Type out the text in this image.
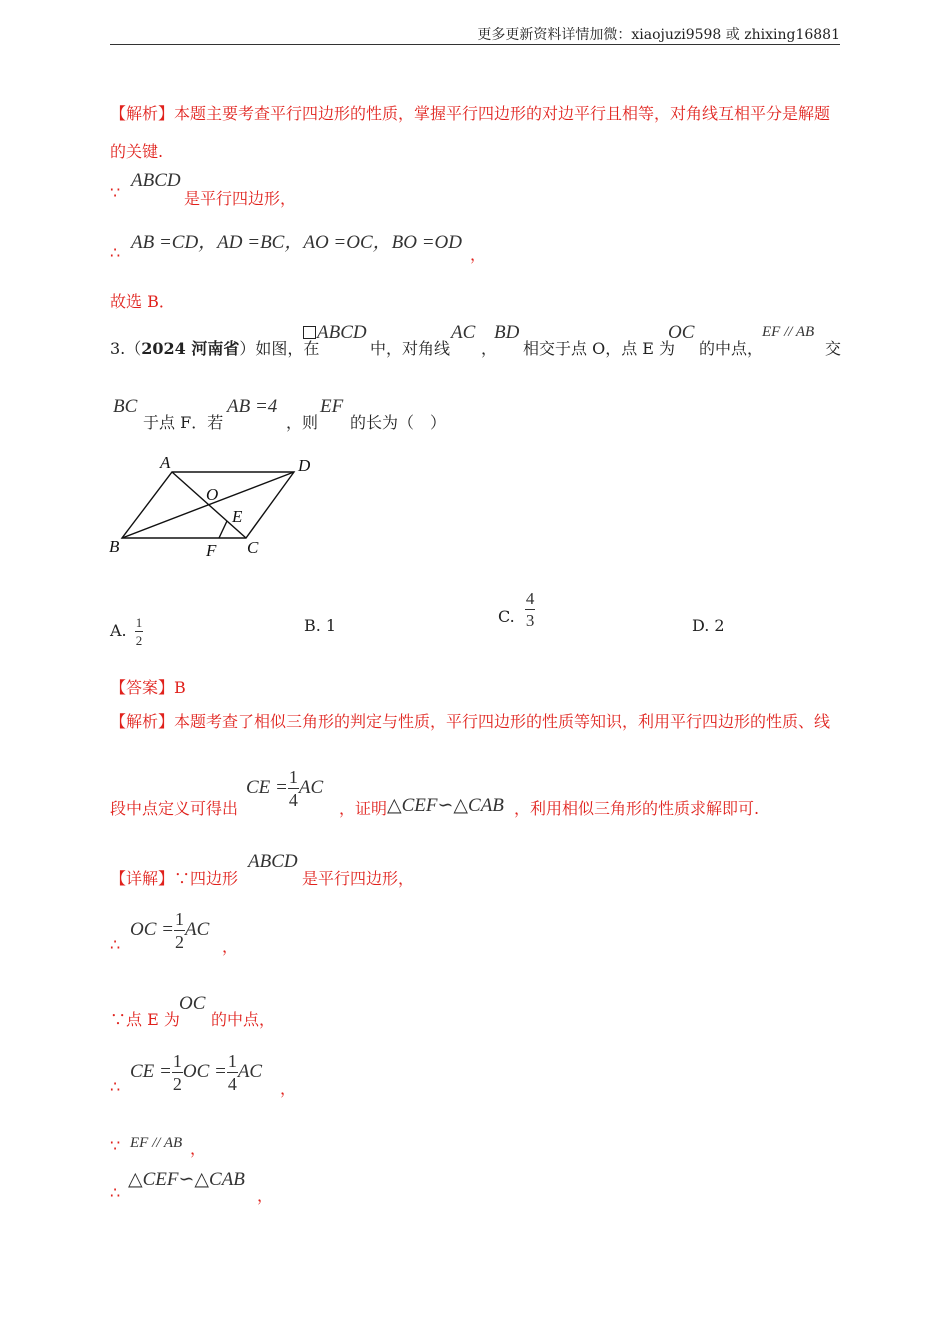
更多更新资料详情加微：xiaojuzi9598 或 zhixing16881
【解析】本题主要考查平行四边形的性质，掌握平行四边形的对边平行且相等，对角线互相平分是解题
的关键.
∵
ABCD
是平行四边形，
∴ AB =CD，AD =BC，AO =OC，BO =OD
，
故选 B．
3.（2024 河南省）如图，在
ABCD
中，对角线
AC
，
BD
相交于点 O，点 E 为
OC
的中点，
EF // AB
交
BC
于点 F．若
AB =4
，则
EF
的长为（　）
A	D
B	C
O
E
F
A. $\frac{1}{2}$	B. 1	C. $\frac{4}{3}$	D. 2
【答案】B
【解析】本题考查了相似三角形的判定与性质，平行四边形的性质等知识，利用平行四边形的性质、线
段中点定义可得出
CE = $\frac{1}{4}$ AC
，证明 △CEF∽△CAB ，利用相似三角形的性质求解即可.
【详解】∵四边形
ABCD
是平行四边形，
∴
OC = $\frac{1}{2}$ AC
，
∵点 E 为
OC
的中点，
∴
CE = $\frac{1}{2}$ OC = $\frac{1}{4}$ AC
，
∵ EF // AB ，
∴
△CEF∽△CAB
，
